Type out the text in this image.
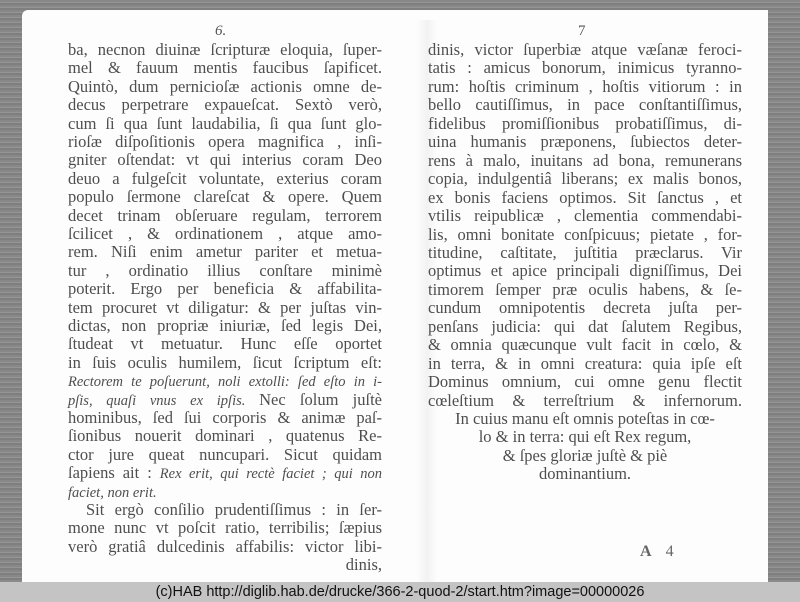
6.	7
ba, necnon diuinæ ſcripturæ eloquia, ſuper-
mel & fauum mentis faucibus ſapificet.
Quintò, dum pernicioſæ actionis omne de-
decus perpetrare expaueſcat. Sextò verò,
cum ſi qua ſunt laudabilia, ſi qua ſunt glo-
rioſæ diſpoſitionis opera magnifica , inſi-
gniter oſtendat: vt qui interius coram Deo
deuo a fulgeſcit voluntate, exterius coram
populo ſermone clareſcat & opere. Quem
decet trinam obſeruare regulam, terrorem
ſcilicet , & ordinationem , atque amo-
rem. Niſi enim ametur pariter et metua-
tur , ordinatio illius conſtare minimè
poterit. Ergo per beneficia & affabilita-
tem procuret vt diligatur: & per juſtas vin-
dictas, non propriæ iniuriæ, ſed legis Dei,
ſtudeat vt metuatur. Hunc eſſe oportet
in ſuis oculis humilem, ſicut ſcriptum eſt:
Rectorem te poſuerunt, noli extolli: ſed eſto in i-
pſis, quaſi vnus ex ipſis. Nec ſolum juſtè
hominibus, ſed ſui corporis & animæ paſ-
ſionibus nouerit dominari , quatenus Re-
ctor jure queat nuncupari. Sicut quidam
ſapiens ait : Rex erit, qui rectè faciet ; qui non
faciet, non erit.
Sit ergò conſilio prudentiſſimus : in ſer-
mone nunc vt poſcit ratio, terribilis; ſæpius
verò gratiâ dulcedinis affabilis: victor libi-
dinis,
dinis, victor ſuperbiæ atque væſanæ feroci-
tatis : amicus bonorum, inimicus tyranno-
rum: hoſtis criminum , hoſtis vitiorum : in
bello cautiſſimus, in pace conſtantiſſimus,
fidelibus promiſſionibus probatiſſimus, di-
uina humanis præponens, ſubiectos deter-
rens à malo, inuitans ad bona, remunerans
copia, indulgentiâ liberans; ex malis bonos,
ex bonis faciens optimos. Sit ſanctus , et
vtilis reipublicæ , clementia commendabi-
lis, omni bonitate conſpicuus; pietate , for-
titudine, caſtitate, juſtitia præclarus. Vir
optimus et apice principali digniſſimus, Dei
timorem ſemper præ oculis habens, & ſe-
cundum omnipotentis decreta juſta per-
penſans judicia: qui dat ſalutem Regibus,
& omnia quæcunque vult facit in cœlo, &
in terra, & in omni creatura: quia ipſe eſt
Dominus omnium, cui omne genu flectit
cœleſtium & terreſtrium & infernorum.
In cuius manu eſt omnis poteſtas in cœ-
lo & in terra: qui eſt Rex regum,
& ſpes gloriæ juſtè & piè
dominantium.
A 4
(c)HAB http://diglib.hab.de/drucke/366-2-quod-2/start.htm?image=00000026
